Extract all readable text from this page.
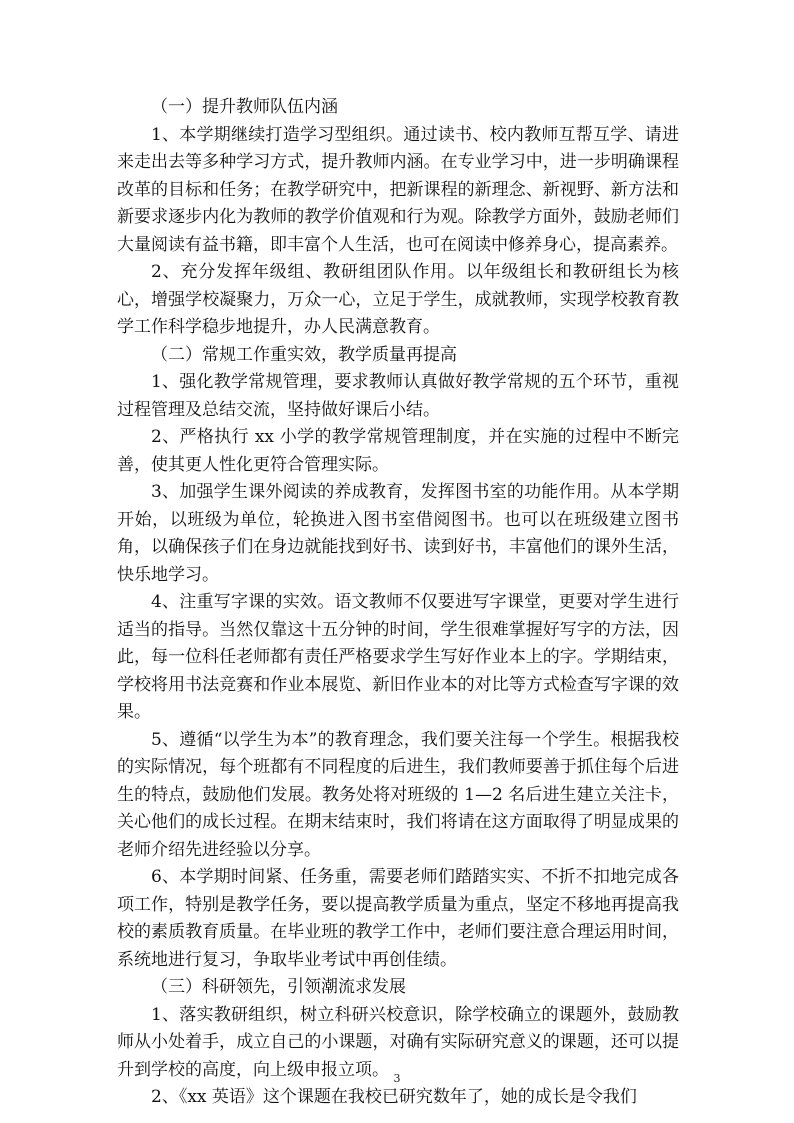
（一）提升教师队伍内涵

1、本学期继续打造学习型组织。通过读书、校内教师互帮互学、请进来走出去等多种学习方式，提升教师内涵。在专业学习中，进一步明确课程改革的目标和任务；在教学研究中，把新课程的新理念、新视野、新方法和新要求逐步内化为教师的教学价值观和行为观。除教学方面外，鼓励老师们大量阅读有益书籍，即丰富个人生活，也可在阅读中修养身心，提高素养。

2、充分发挥年级组、教研组团队作用。以年级组长和教研组长为核心，增强学校凝聚力，万众一心，立足于学生，成就教师，实现学校教育教学工作科学稳步地提升，办人民满意教育。

（二）常规工作重实效，教学质量再提高

1、强化教学常规管理，要求教师认真做好教学常规的五个环节，重视过程管理及总结交流，坚持做好课后小结。

2、严格执行 xx 小学的教学常规管理制度，并在实施的过程中不断完善，使其更人性化更符合管理实际。

3、加强学生课外阅读的养成教育，发挥图书室的功能作用。从本学期开始，以班级为单位，轮换进入图书室借阅图书。也可以在班级建立图书角，以确保孩子们在身边就能找到好书、读到好书，丰富他们的课外生活，快乐地学习。

4、注重写字课的实效。语文教师不仅要进写字课堂，更要对学生进行适当的指导。当然仅靠这十五分钟的时间，学生很难掌握好写字的方法，因此，每一位科任老师都有责任严格要求学生写好作业本上的字。学期结束，学校将用书法竞赛和作业本展览、新旧作业本的对比等方式检查写字课的效果。

5、遵循“以学生为本”的教育理念，我们要关注每一个学生。根据我校的实际情况，每个班都有不同程度的后进生，我们教师要善于抓住每个后进生的特点，鼓励他们发展。教务处将对班级的 1—2 名后进生建立关注卡，关心他们的成长过程。在期末结束时，我们将请在这方面取得了明显成果的老师介绍先进经验以分享。

6、本学期时间紧、任务重，需要老师们踏踏实实、不折不扣地完成各项工作，特别是教学任务，要以提高教学质量为重点，坚定不移地再提高我校的素质教育质量。在毕业班的教学工作中，老师们要注意合理运用时间，系统地进行复习，争取毕业考试中再创佳绩。

（三）科研领先，引领潮流求发展

1、落实教研组织，树立科研兴校意识，除学校确立的课题外，鼓励教师从小处着手，成立自己的小课题，对确有实际研究意义的课题，还可以提升到学校的高度，向上级申报立项。

2、《xx 英语》这个课题在我校已研究数年了，她的成长是令我们

3
